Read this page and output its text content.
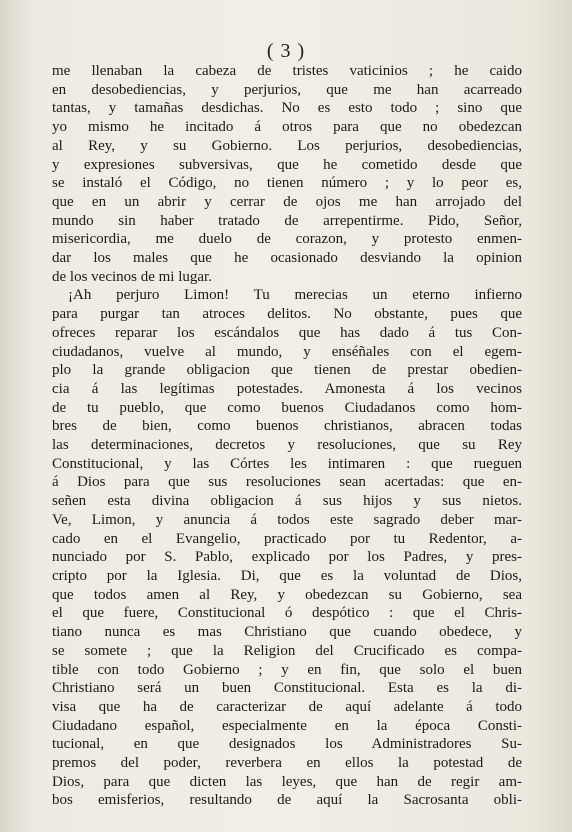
( 3 )
me llenaban la cabeza de tristes vaticinios ; he caido
en desobediencias, y perjurios, que me han acarreado
tantas, y tamañas desdichas. No es esto todo ; sino que
yo mismo he incitado á otros para que no obedezcan
al Rey, y su Gobierno. Los perjurios, desobediencias,
y expresiones subversivas, que he cometido desde que
se instaló el Código, no tienen número ; y lo peor es,
que en un abrir y cerrar de ojos me han arrojado del
mundo sin haber tratado de arrepentirme. Pido, Señor,
misericordia, me duelo de corazon, y protesto enmen-
dar los males que he ocasionado desviando la opinion
de los vecinos de mi lugar.
¡Ah perjuro Limon! Tu merecias un eterno infierno
para purgar tan atroces delitos. No obstante, pues que
ofreces reparar los escándalos que has dado á tus Con-
ciudadanos, vuelve al mundo, y enséñales con el egem-
plo la grande obligacion que tienen de prestar obedien-
cia á las legítimas potestades. Amonesta á los vecinos
de tu pueblo, que como buenos Ciudadanos como hom-
bres de bien, como buenos christianos, abracen todas
las determinaciones, decretos y resoluciones, que su Rey
Constitucional, y las Córtes les intimaren : que rueguen
á Dios para que sus resoluciones sean acertadas: que en-
señen esta divina obligacion á sus hijos y sus nietos.
Ve, Limon, y anuncia á todos este sagrado deber mar-
cado en el Evangelio, practicado por tu Redentor, a-
nunciado por S. Pablo, explicado por los Padres, y pres-
cripto por la Iglesia. Di, que es la voluntad de Dios,
que todos amen al Rey, y obedezcan su Gobierno, sea
el que fuere, Constitucional ó despótico : que el Chris-
tiano nunca es mas Christiano que cuando obedece, y
se somete ; que la Religion del Crucificado es compa-
tible con todo Gobierno ; y en fin, que solo el buen
Christiano será un buen Constitucional. Esta es la di-
visa que ha de caracterizar de aquí adelante á todo
Ciudadano español, especialmente en la época Consti-
tucional, en que designados los Administradores Su-
premos del poder, reverbera en ellos la potestad de
Dios, para que dicten las leyes, que han de regir am-
bos emisferios, resultando de aquí la Sacrosanta obli-
